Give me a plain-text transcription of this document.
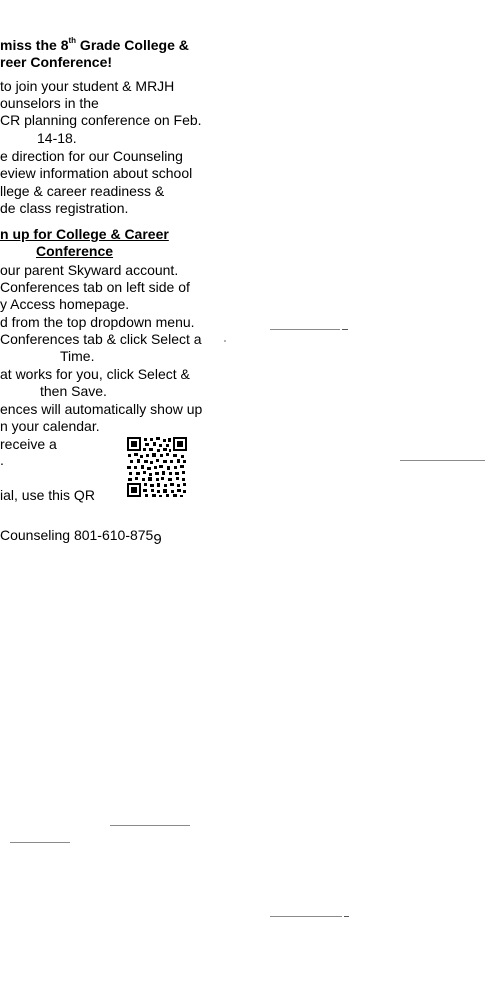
miss the 8th Grade College &
reer Conference!
to join your student & MRJH
ounselors in the
CR planning conference on Feb.
14-18.
e direction for our Counseling
eview information about school
llege & career readiness &
de class registration.
n up for College & Career
Conference
our parent Skyward account.
Conferences tab on left side of
y Access homepage.
d from the top dropdown menu.
Conferences tab & click Select a
Time.
at works for you, click Select &
then Save.
ences will automatically show up
n your calendar.
receive a
.
ial, use this QR
Counseling 801-610-8759
